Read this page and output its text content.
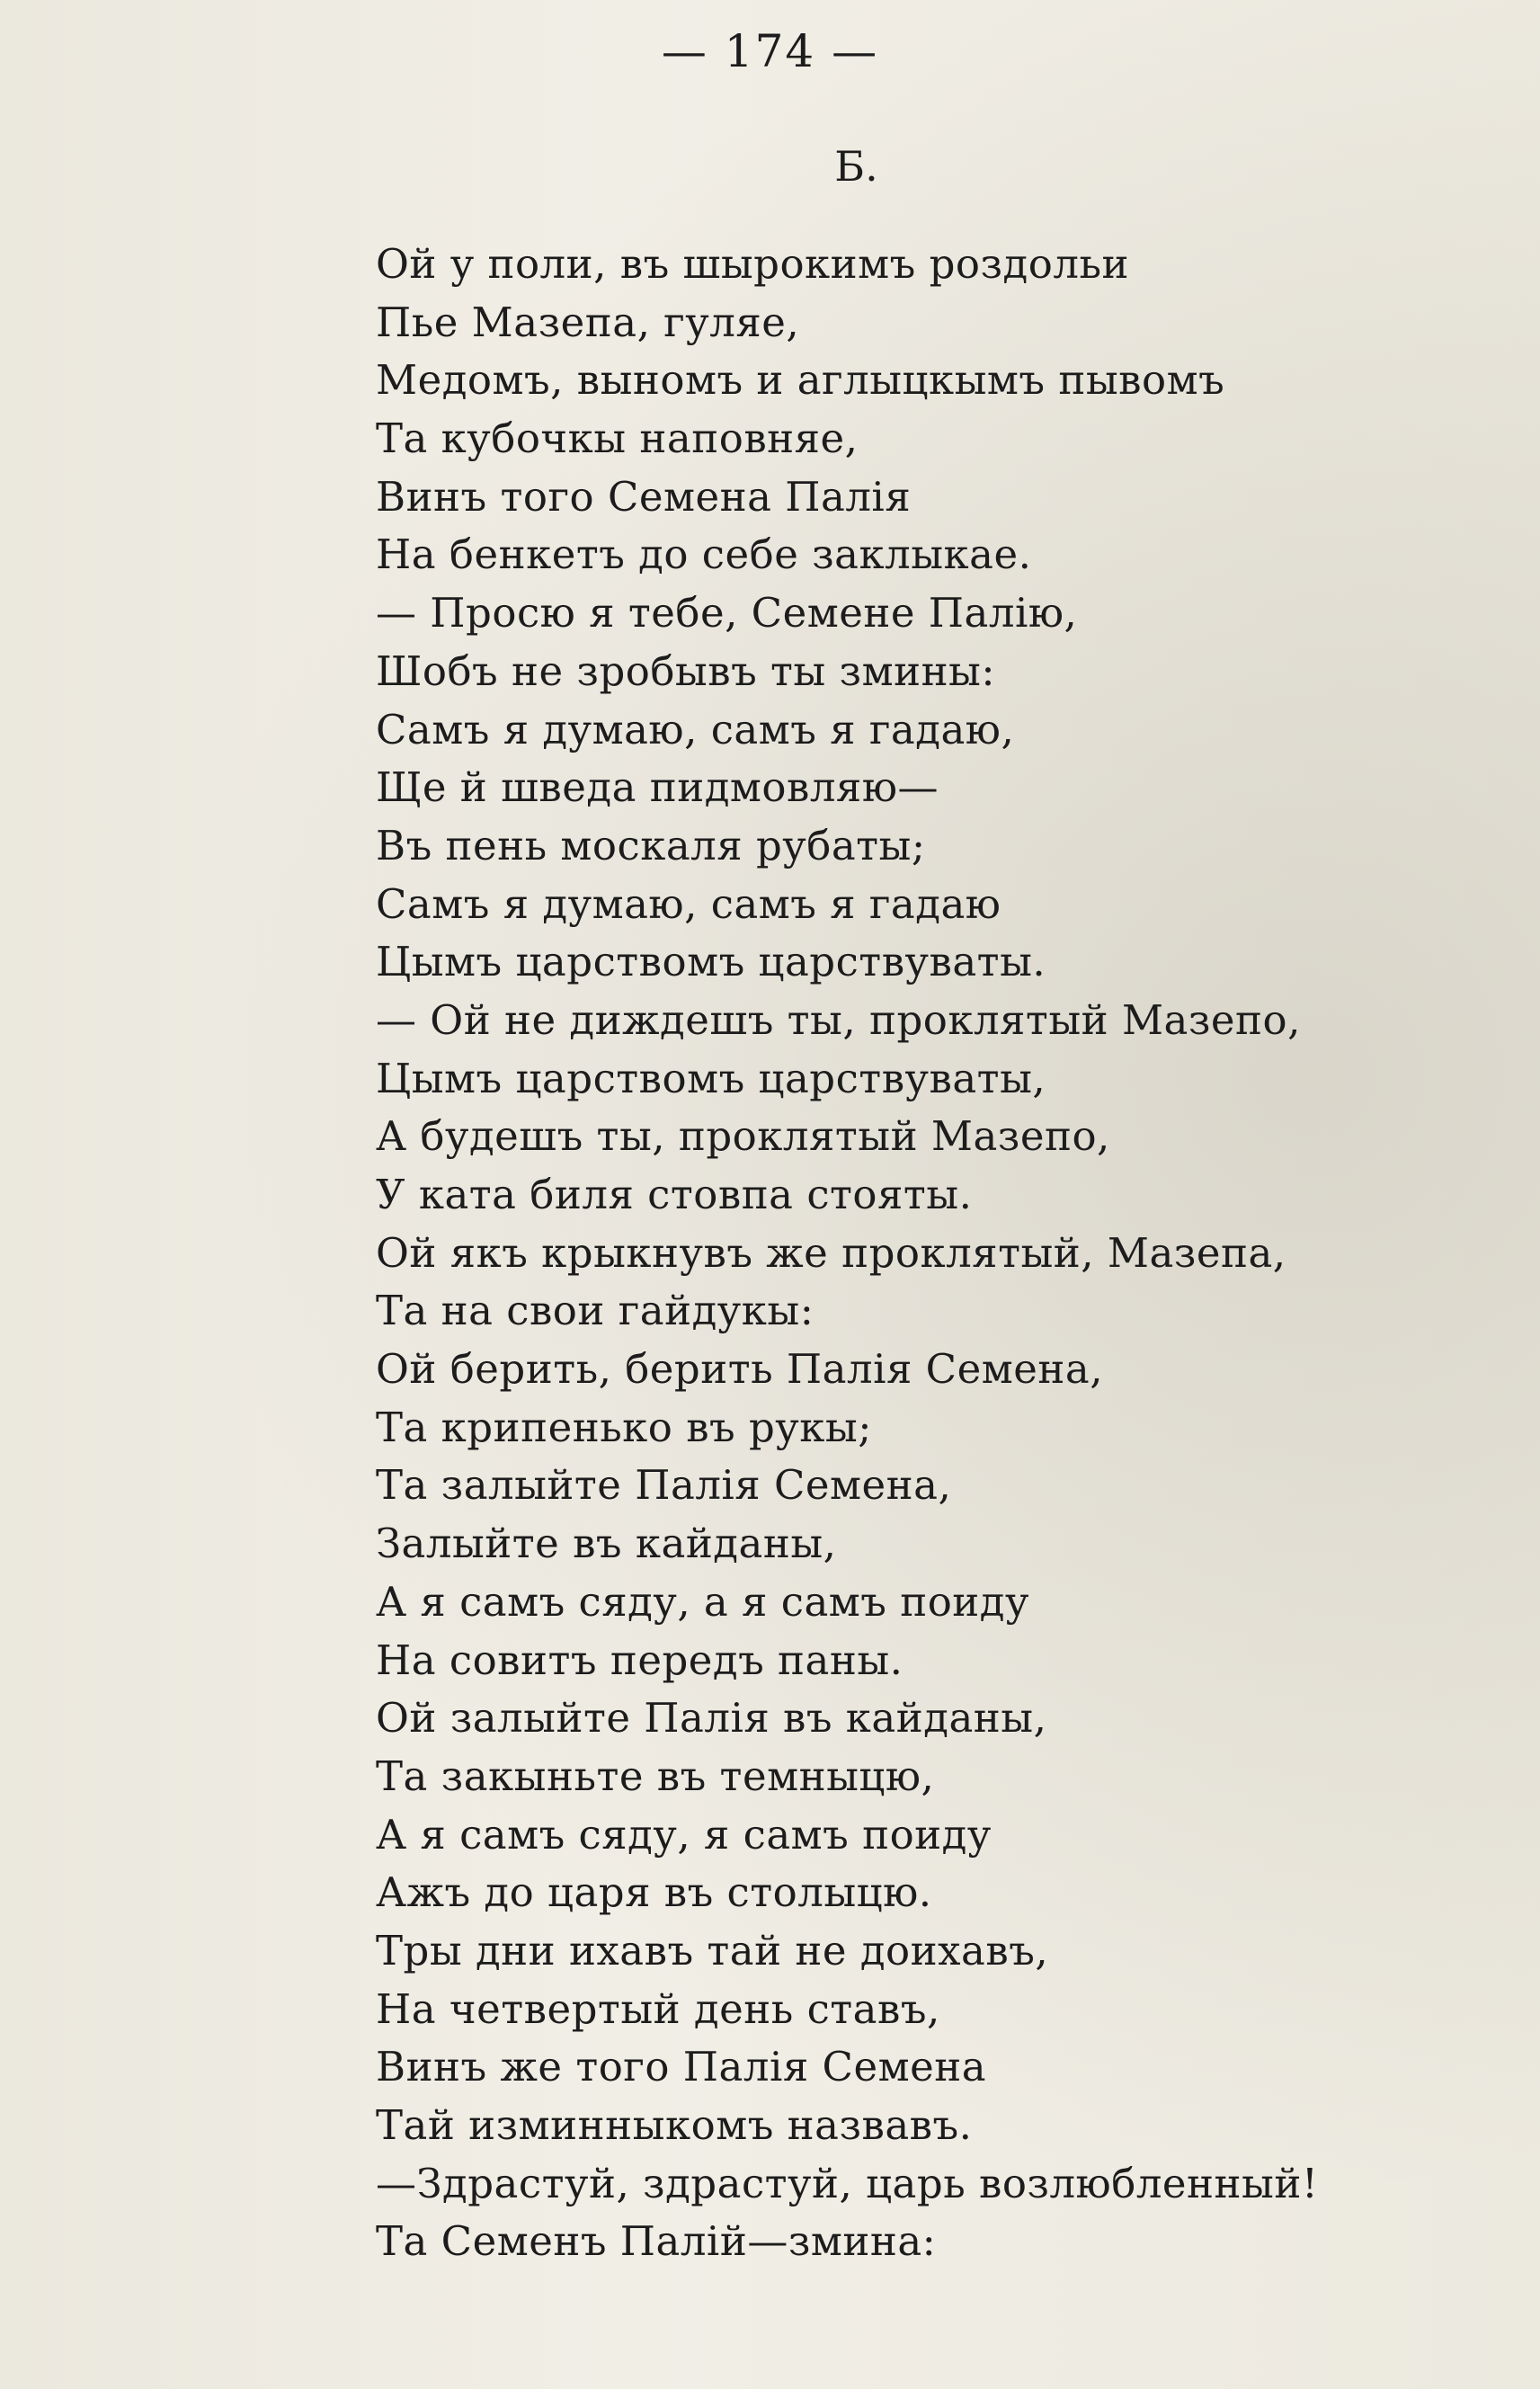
— 174 —
Б.
Ой у поли, въ шырокимъ роздольи
Пье Мазепа, гуляе,
Медомъ, выномъ и аглыцкымъ пывомъ
Та кубочкы наповняе,
Винъ того Семена Палія
На бенкетъ до себе заклыкае.
— Просю я тебе, Семене Палію,
Шобъ не зробывъ ты змины:
Самъ я думаю, самъ я гадаю,
Ще й шведа пидмовляю—
Въ пень москаля рубаты;
Самъ я думаю, самъ я гадаю
Цымъ царствомъ царствуваты.
— Ой не диждешъ ты, проклятый Мазепо,
Цымъ царствомъ царствуваты,
А будешъ ты, проклятый Мазепо,
У ката биля стовпа стояты.
Ой якъ крыкнувъ же проклятый, Мазепа,
Та на свои гайдукы:
Ой берить, берить Палія Семена,
Та крипенько въ рукы;
Та залыйте Палія Семена,
Залыйте въ кайданы,
А я самъ сяду, а я самъ поиду
На совитъ передъ паны.
Ой залыйте Палія въ кайданы,
Та закыньте въ темныцю,
А я самъ сяду, я самъ поиду
Ажъ до царя въ столыцю.
Тры дни ихавъ тай не доихавъ,
На четвертый день ставъ,
Винъ же того Палія Семена
Тай изминныкомъ назвавъ.
—Здрастуй, здрастуй, царь возлюбленный!
Та Семенъ Палій—змина:
